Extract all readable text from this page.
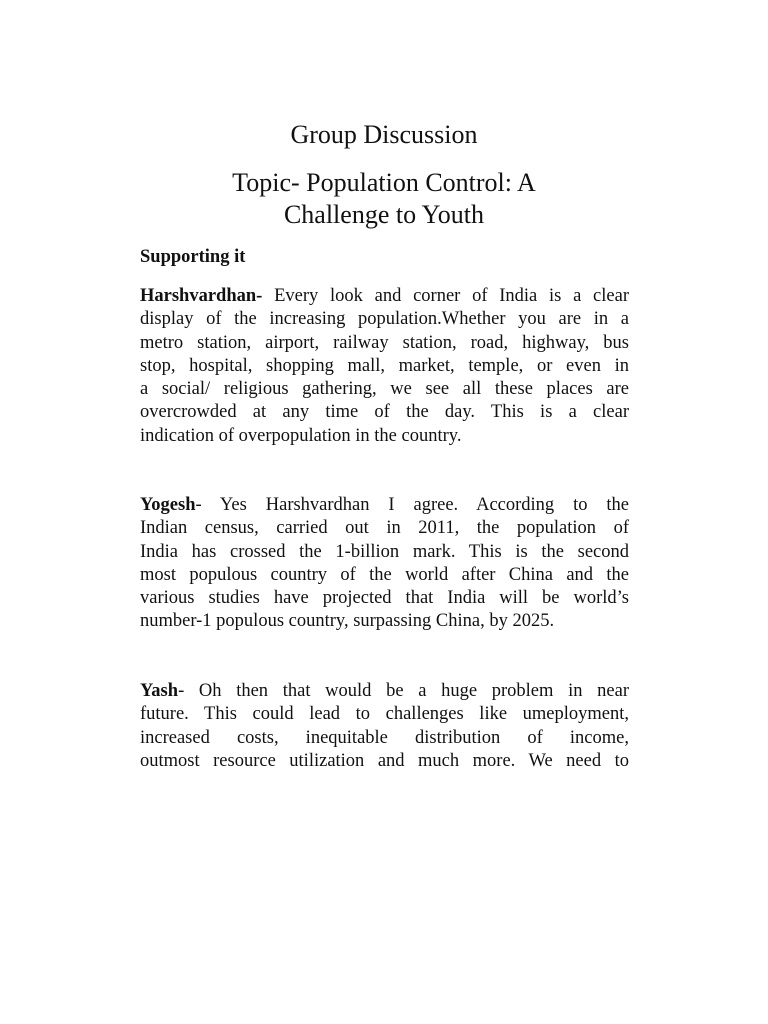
Group Discussion
Topic- Population Control: A
Challenge to Youth
Supporting it

Harshvardhan- Every look and corner of India is a clear
display of the increasing population.Whether you are in a
metro station, airport, railway station, road, highway, bus
stop, hospital, shopping mall, market, temple, or even in
a social/ religious gathering, we see all these places are
overcrowded at any time of the day. This is a clear
indication of overpopulation in the country.

Yogesh- Yes Harshvardhan I agree. According to the
Indian census, carried out in 2011, the population of
India has crossed the 1-billion mark. This is the second
most populous country of the world after China and the
various studies have projected that India will be world’s
number-1 populous country, surpassing China, by 2025.

Yash- Oh then that would be a huge problem in near
future. This could lead to challenges like umeployment,
increased costs, inequitable distribution of income,
outmost resource utilization and much more. We need to
